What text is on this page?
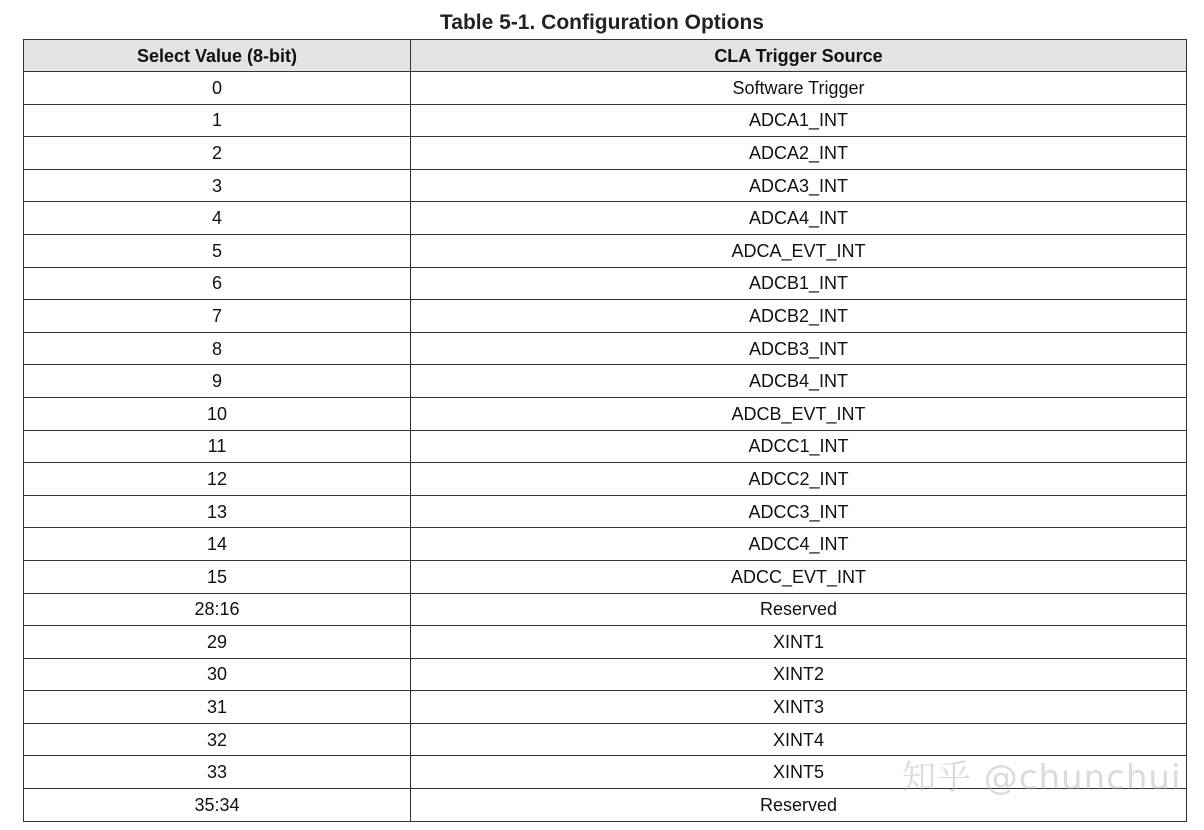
Table 5-1. Configuration Options
Select Value (8-bit)	CLA Trigger Source
0	Software Trigger
1	ADCA1_INT
2	ADCA2_INT
3	ADCA3_INT
4	ADCA4_INT
5	ADCA_EVT_INT
6	ADCB1_INT
7	ADCB2_INT
8	ADCB3_INT
9	ADCB4_INT
10	ADCB_EVT_INT
11	ADCC1_INT
12	ADCC2_INT
13	ADCC3_INT
14	ADCC4_INT
15	ADCC_EVT_INT
28:16	Reserved
29	XINT1
30	XINT2
31	XINT3
32	XINT4
33	XINT5
35:34	Reserved
知乎 @chunchui
